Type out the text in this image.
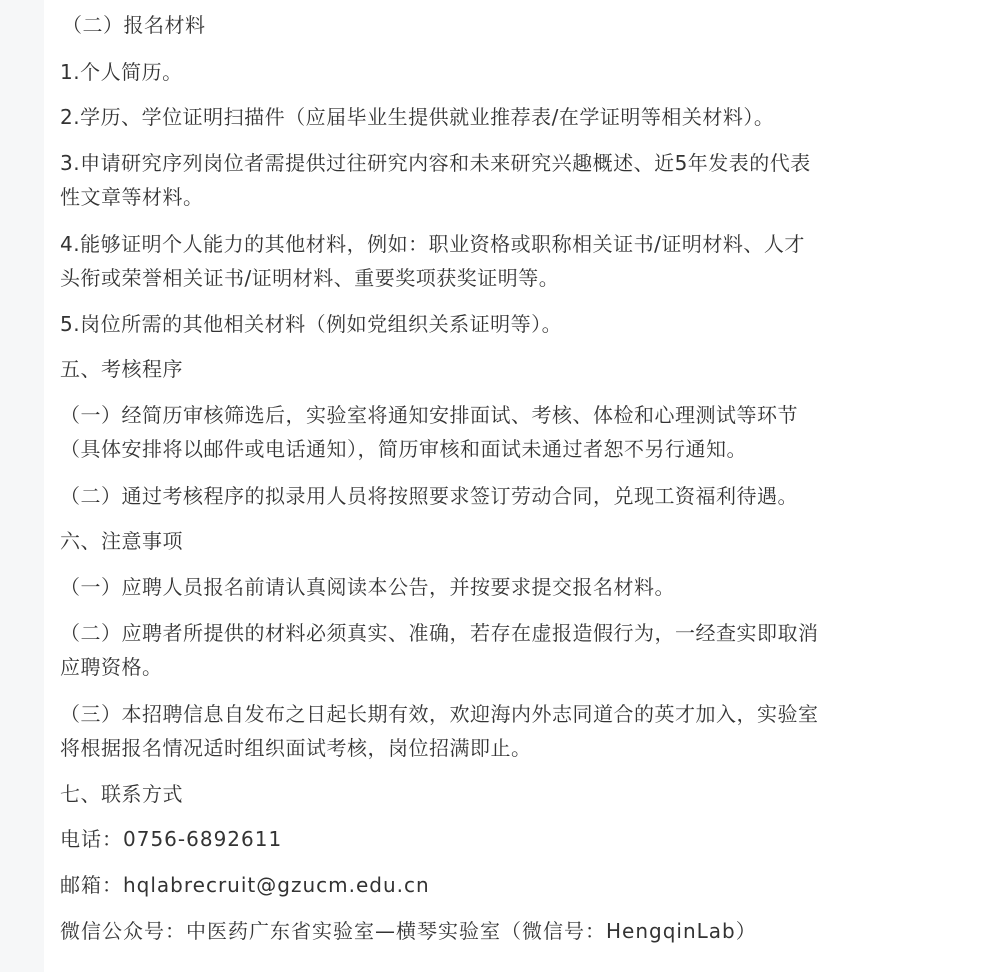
（二）报名材料
1.个人简历。
2.学历、学位证明扫描件（应届毕业生提供就业推荐表/在学证明等相关材料）。
3.申请研究序列岗位者需提供过往研究内容和未来研究兴趣概述、近5年发表的代表
性文章等材料。
4.能够证明个人能力的其他材料，例如：职业资格或职称相关证书/证明材料、人才
头衔或荣誉相关证书/证明材料、重要奖项获奖证明等。
5.岗位所需的其他相关材料（例如党组织关系证明等）。
五、考核程序
（一）经简历审核筛选后，实验室将通知安排面试、考核、体检和心理测试等环节
（具体安排将以邮件或电话通知），简历审核和面试未通过者恕不另行通知。
（二）通过考核程序的拟录用人员将按照要求签订劳动合同，兑现工资福利待遇。
六、注意事项
（一）应聘人员报名前请认真阅读本公告，并按要求提交报名材料。
（二）应聘者所提供的材料必须真实、准确，若存在虚报造假行为，一经查实即取消
应聘资格。
（三）本招聘信息自发布之日起长期有效，欢迎海内外志同道合的英才加入，实验室
将根据报名情况适时组织面试考核，岗位招满即止。
七、联系方式
电话：0756-6892611
邮箱：hqlabrecruit@gzucm.edu.cn
微信公众号：中医药广东省实验室—横琴实验室（微信号：HengqinLab）
